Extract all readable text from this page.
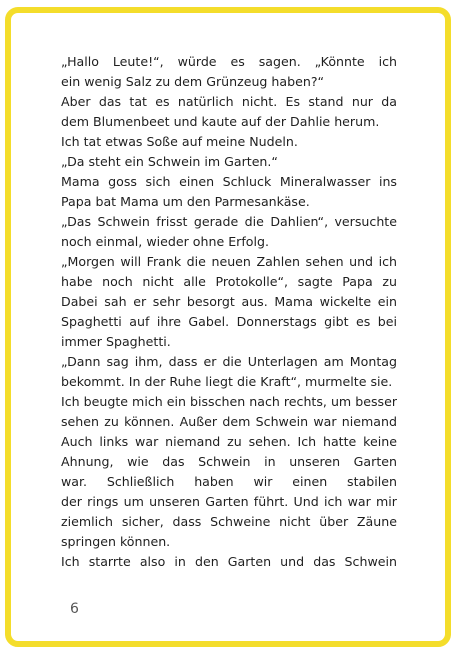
„Hallo Leute!“, würde es sagen. „Könnte ich
ein wenig Salz zu dem Grünzeug haben?“
Aber das tat es natürlich nicht. Es stand nur da
dem Blumenbeet und kaute auf der Dahlie herum.
Ich tat etwas Soße auf meine Nudeln.
„Da steht ein Schwein im Garten.“
Mama goss sich einen Schluck Mineralwasser ins
Papa bat Mama um den Parmesankäse.
„Das Schwein frisst gerade die Dahlien“, versuchte
noch einmal, wieder ohne Erfolg.
„Morgen will Frank die neuen Zahlen sehen und ich
habe noch nicht alle Protokolle“, sagte Papa zu
Dabei sah er sehr besorgt aus. Mama wickelte ein
Spaghetti auf ihre Gabel. Donnerstags gibt es bei
immer Spaghetti.
„Dann sag ihm, dass er die Unterlagen am Montag
bekommt. In der Ruhe liegt die Kraft“, murmelte sie.
Ich beugte mich ein bisschen nach rechts, um besser
sehen zu können. Außer dem Schwein war niemand
Auch links war niemand zu sehen. Ich hatte keine
Ahnung, wie das Schwein in unseren Garten
war. Schließlich haben wir einen stabilen
der rings um unseren Garten führt. Und ich war mir
ziemlich sicher, dass Schweine nicht über Zäune
springen können.
Ich starrte also in den Garten und das Schwein
6
